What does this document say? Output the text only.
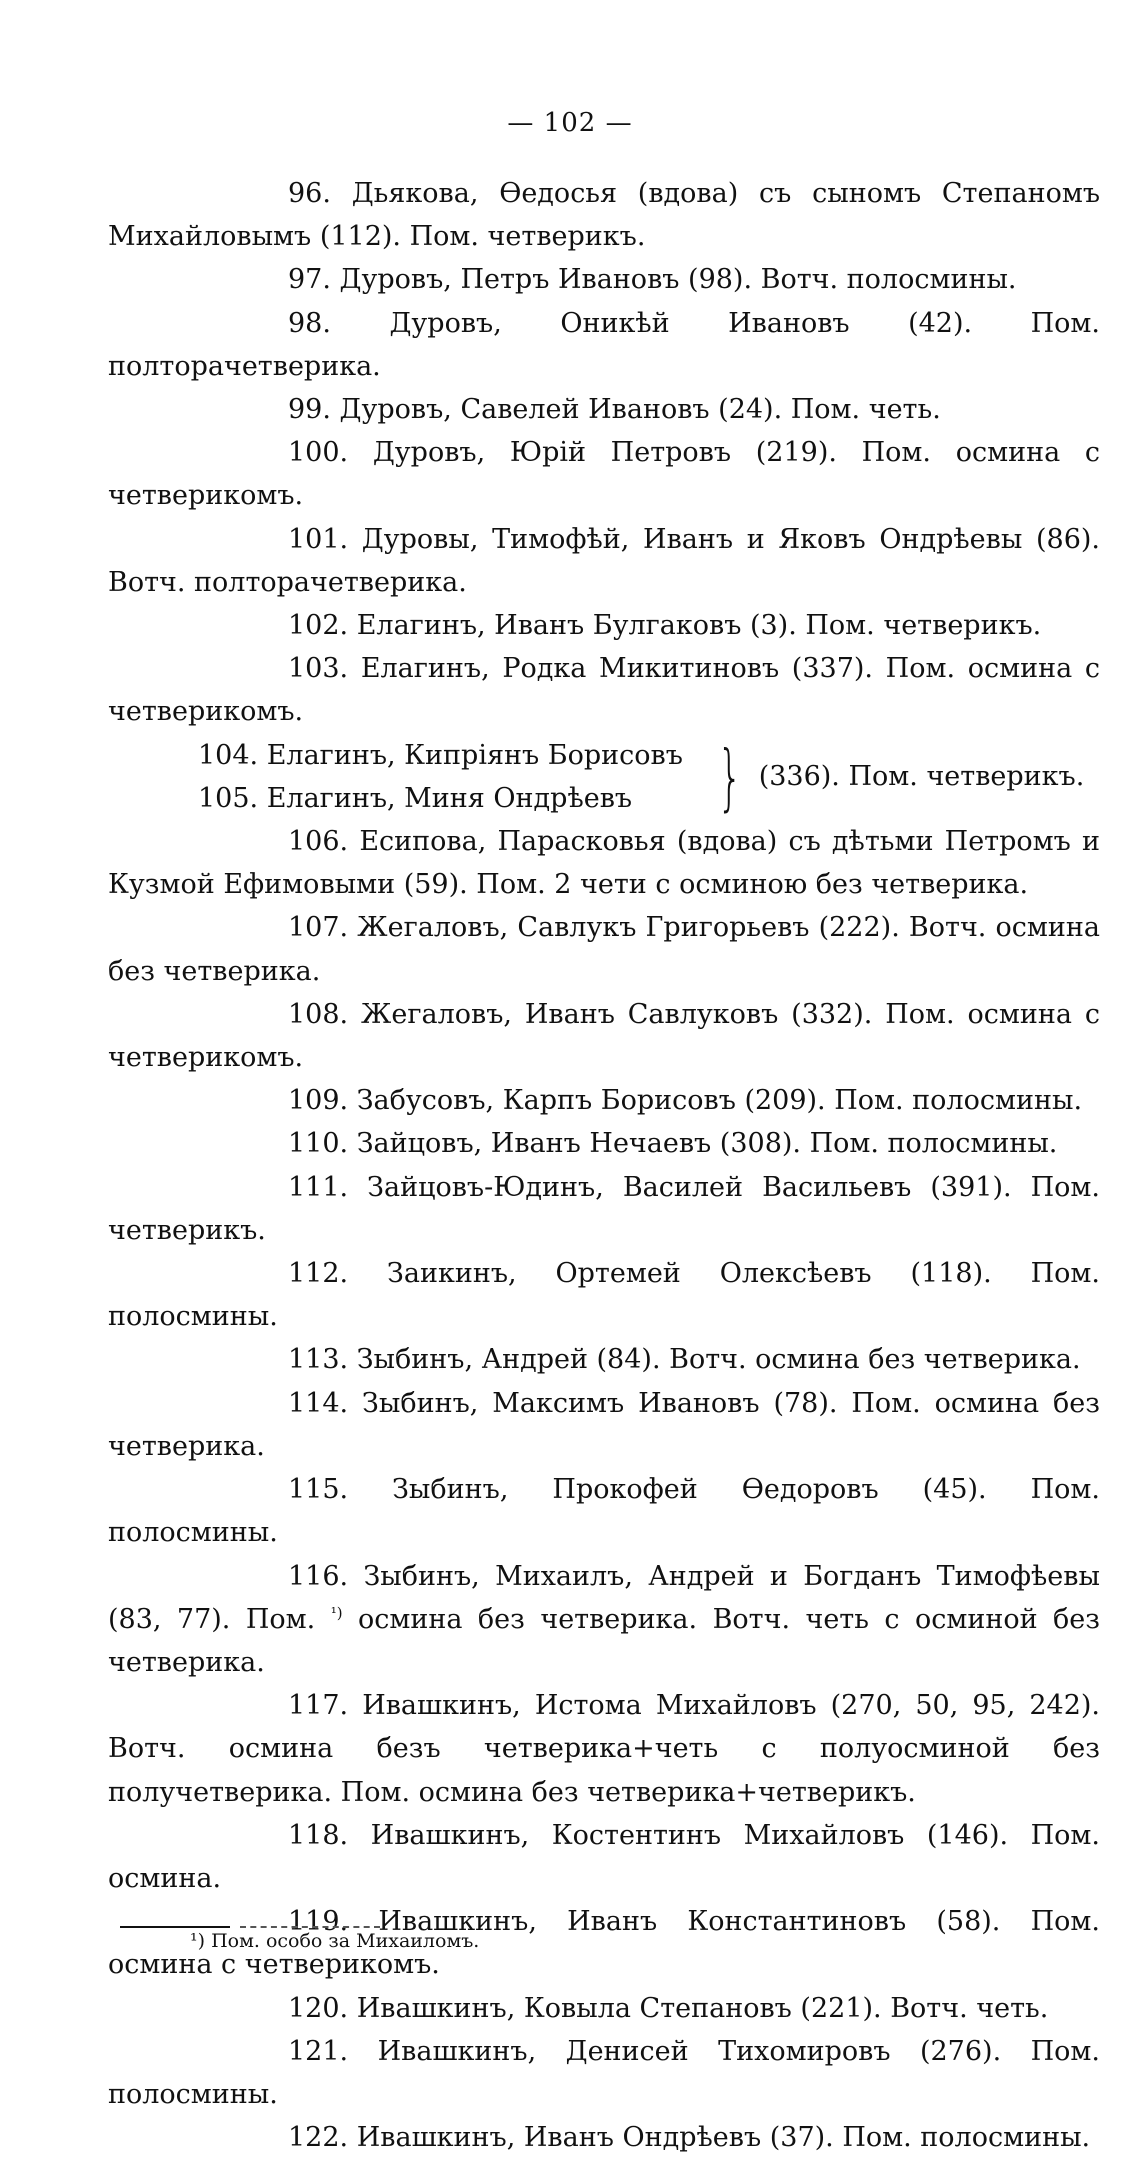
— 102 —

96. Дьякова, Ѳедосья (вдова) съ сыномъ Степаномъ Михайловымъ (112). Пом. четверикъ.

97. Дуровъ, Петръ Ивановъ (98). Вотч. полосмины.

98. Дуровъ, Оникѣй Ивановъ (42). Пом. полторачетверика.

99. Дуровъ, Савелей Ивановъ (24). Пом. четь.

100. Дуровъ, Юрій Петровъ (219). Пом. осмина с четверикомъ.

101. Дуровы, Тимофѣй, Иванъ и Яковъ Ондрѣевы (86). Вотч. полторачетверика.

102. Елагинъ, Иванъ Булгаковъ (3). Пом. четверикъ.

103. Елагинъ, Родка Микитиновъ (337). Пом. осмина с четверикомъ.

104. Елагинъ, Кипріянъ Борисовъ
105. Елагинъ, Миня Ондрѣевъ	} (336). Пом. четверикъ.

106. Есипова, Парасковья (вдова) съ дѣтьми Петромъ и Кузмой Ефимовыми (59). Пом. 2 чети с осминою без четверика.

107. Жегаловъ, Савлукъ Григорьевъ (222). Вотч. осмина без четверика.

108. Жегаловъ, Иванъ Савлуковъ (332). Пом. осмина с четверикомъ.

109. Забусовъ, Карпъ Борисовъ (209). Пом. полосмины.

110. Зайцовъ, Иванъ Нечаевъ (308). Пом. полосмины.

111. Зайцовъ-Юдинъ, Василей Васильевъ (391). Пом. четверикъ.

112. Заикинъ, Ортемей Олексѣевъ (118). Пом. полосмины.

113. Зыбинъ, Андрей (84). Вотч. осмина без четверика.

114. Зыбинъ, Максимъ Ивановъ (78). Пом. осмина без четверика.

115. Зыбинъ, Прокофей Ѳедоровъ (45). Пом. полосмины.

116. Зыбинъ, Михаилъ, Андрей и Богданъ Тимофѣевы (83, 77). Пом. $^{^1)}$ осмина без четверика. Вотч. четь с осминой без четверика.

117. Ивашкинъ, Истома Михайловъ (270, 50, 95, 242). Вотч. осмина безъ четверика+четь с полуосминой без получетверика. Пом. осмина без четверика+четверикъ.

118. Ивашкинъ, Костентинъ Михайловъ (146). Пом. осмина.

119. Ивашкинъ, Иванъ Константиновъ (58). Пом. осмина с четверикомъ.

120. Ивашкинъ, Ковыла Степановъ (221). Вотч. четь.

121. Ивашкинъ, Денисей Тихомировъ (276). Пом. полосмины.

122. Ивашкинъ, Иванъ Ондрѣевъ (37). Пом. полосмины.

¹) Пом. особо за Михаиломъ.
